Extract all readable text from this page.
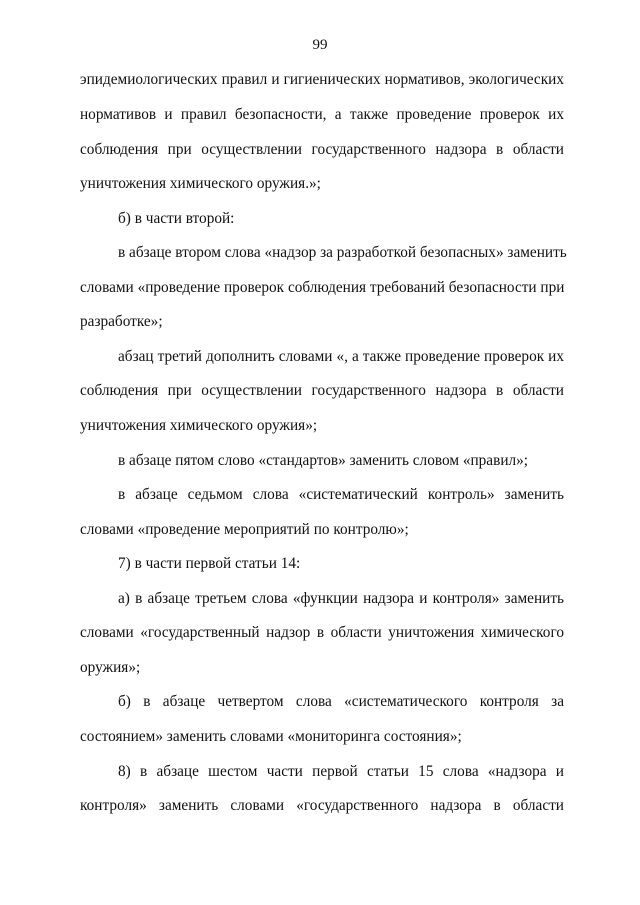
99
эпидемиологических правил и гигиенических нормативов, экологических
нормативов и правил безопасности, а также проведение проверок их
соблюдения при осуществлении государственного надзора в области
уничтожения химического оружия.»;
б) в части второй:
в абзаце втором слова «надзор за разработкой безопасных» заменить
словами «проведение проверок соблюдения требований безопасности при
разработке»;
абзац третий дополнить словами «, а также проведение проверок их
соблюдения при осуществлении государственного надзора в области
уничтожения химического оружия»;
в абзаце пятом слово «стандартов» заменить словом «правил»;
в абзаце седьмом слова «систематический контроль» заменить
словами «проведение мероприятий по контролю»;
7) в части первой статьи 14:
а) в абзаце третьем слова «функции надзора и контроля» заменить
словами «государственный надзор в области уничтожения химического
оружия»;
б) в абзаце четвертом слова «систематического контроля за
состоянием» заменить словами «мониторинга состояния»;
8) в абзаце шестом части первой статьи 15 слова «надзора и
контроля» заменить словами «государственного надзора в области
